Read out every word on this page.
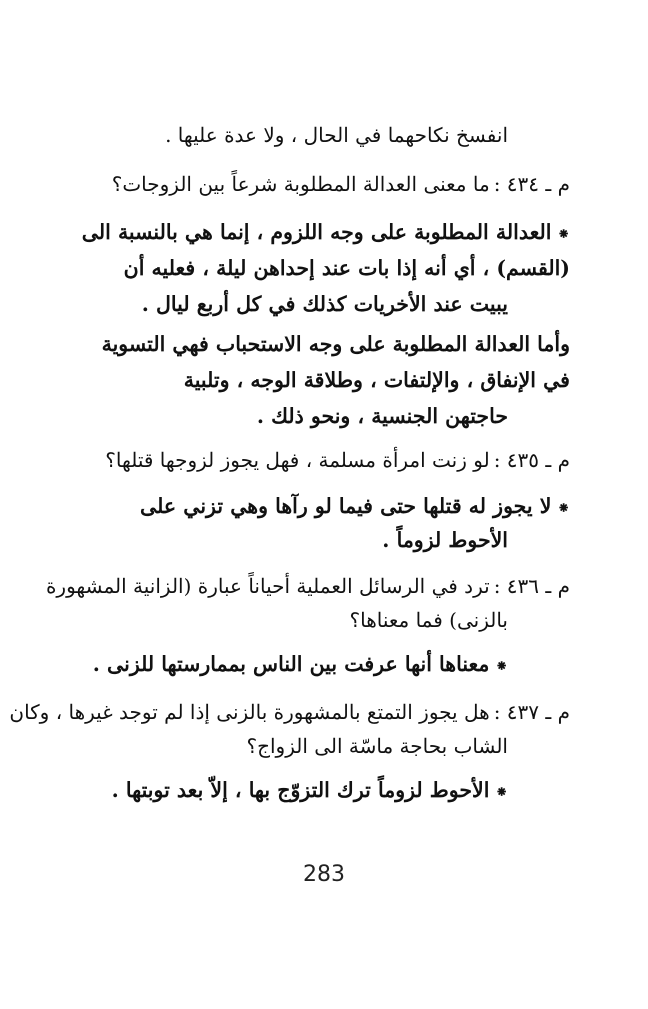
انفسخ نكاحهما في الحال ، ولا عدة عليها .
م ـ ٤٣٤ :ما معنى العدالة المطلوبة شرعاً بين الزوجات؟
⁕العدالة المطلوبة على وجه اللزوم ، إنما هي بالنسبة الى
(القسم) ، أي أنه إذا بات عند إحداهن ليلة ، فعليه أن
يبيت عند الأخريات كذلك في كل أربع ليال .
وأما العدالة المطلوبة على وجه الاستحباب فهي التسوية
في الإنفاق ، والإلتفات ، وطلاقة الوجه ، وتلبية
حاجتهن الجنسية ، ونحو ذلك .
م ـ ٤٣٥ :لو زنت امرأة مسلمة ، فهل يجوز لزوجها قتلها؟
⁕لا يجوز له قتلها حتى فيما لو رآها وهي تزني على
الأحوط لزوماً .
م ـ ٤٣٦ :ترد في الرسائل العملية أحياناً عبارة (الزانية المشهورة
بالزنى) فما معناها؟
⁕معناها أنها عرفت بين الناس بممارستها للزنى .
م ـ ٤٣٧ :هل يجوز التمتع بالمشهورة بالزنى إذا لم توجد غيرها ، وكان
الشاب بحاجة ماسّة الى الزواج؟
⁕الأحوط لزوماً ترك التزوّج بها ، إلاّ بعد توبتها .
283
